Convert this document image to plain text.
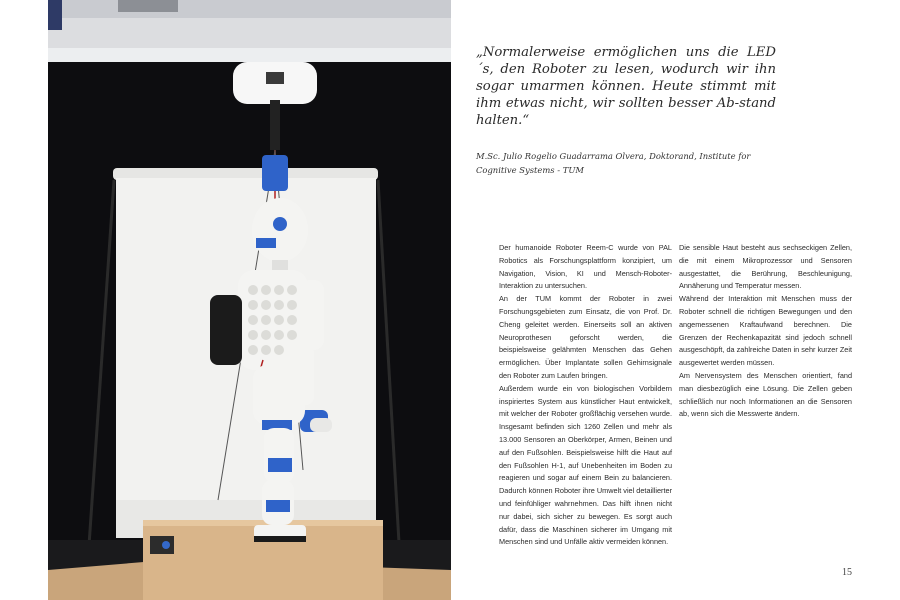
„Normalerweise ermöglichen uns die LED´s, den Roboter zu lesen, wodurch wir ihn sogar umarmen können. Heute stimmt mit ihm etwas nicht, wir sollten besser Ab-stand halten.“

M.Sc. Julio Rogelio Guadarrama Olvera, Doktorand, Institute for Cognitive Systems - TUM

Der humanoide Roboter Reem-C wurde von PAL Robotics als Forschungsplattform konzipiert, um Navigation, Vision, KI und Mensch-Roboter-Interaktion zu untersuchen.

An der TUM kommt der Roboter in zwei Forschungsgebieten zum Einsatz, die von Prof. Dr. Cheng geleitet werden. Einerseits soll an aktiven Neuroprothesen geforscht werden, die beispielsweise gelähmten Menschen das Gehen ermöglichen. Über Implantate sollen Gehirnsignale den Roboter zum Laufen bringen.

Außerdem wurde ein von biologischen Vorbildern inspiriertes System aus künstlicher Haut entwickelt, mit welcher der Roboter großflächig versehen wurde. Insgesamt befinden sich 1260 Zellen und mehr als 13.000 Sensoren an Oberkörper, Armen, Beinen und auf den Fußsohlen. Beispielsweise hilft die Haut auf den Fußsohlen H-1, auf Unebenheiten im Boden zu reagieren und sogar auf einem Bein zu balancieren. Dadurch können Roboter ihre Umwelt viel detaillierter und feinfühliger wahrnehmen. Das hilft ihnen nicht nur dabei, sich sicher zu bewegen. Es sorgt auch dafür, dass die Maschinen sicherer im Umgang mit Menschen sind und Unfälle aktiv vermeiden können.

Die sensible Haut besteht aus sechseckigen Zellen, die mit einem Mikroprozessor und Sensoren ausgestattet, die Berührung, Beschleunigung, Annäherung und Temperatur messen.

Während der Interaktion mit Menschen muss der Roboter schnell die richtigen Bewegungen und den angemessenen Kraftaufwand berechnen. Die Grenzen der Rechenkapazität sind jedoch schnell ausgeschöpft, da zahlreiche Daten in sehr kurzer Zeit ausgewertet werden müssen.

Am Nervensystem des Menschen orientiert, fand man diesbezüglich eine Lösung. Die Zellen geben schließlich nur noch Informationen an die Sensoren ab, wenn sich die Messwerte ändern.

15
